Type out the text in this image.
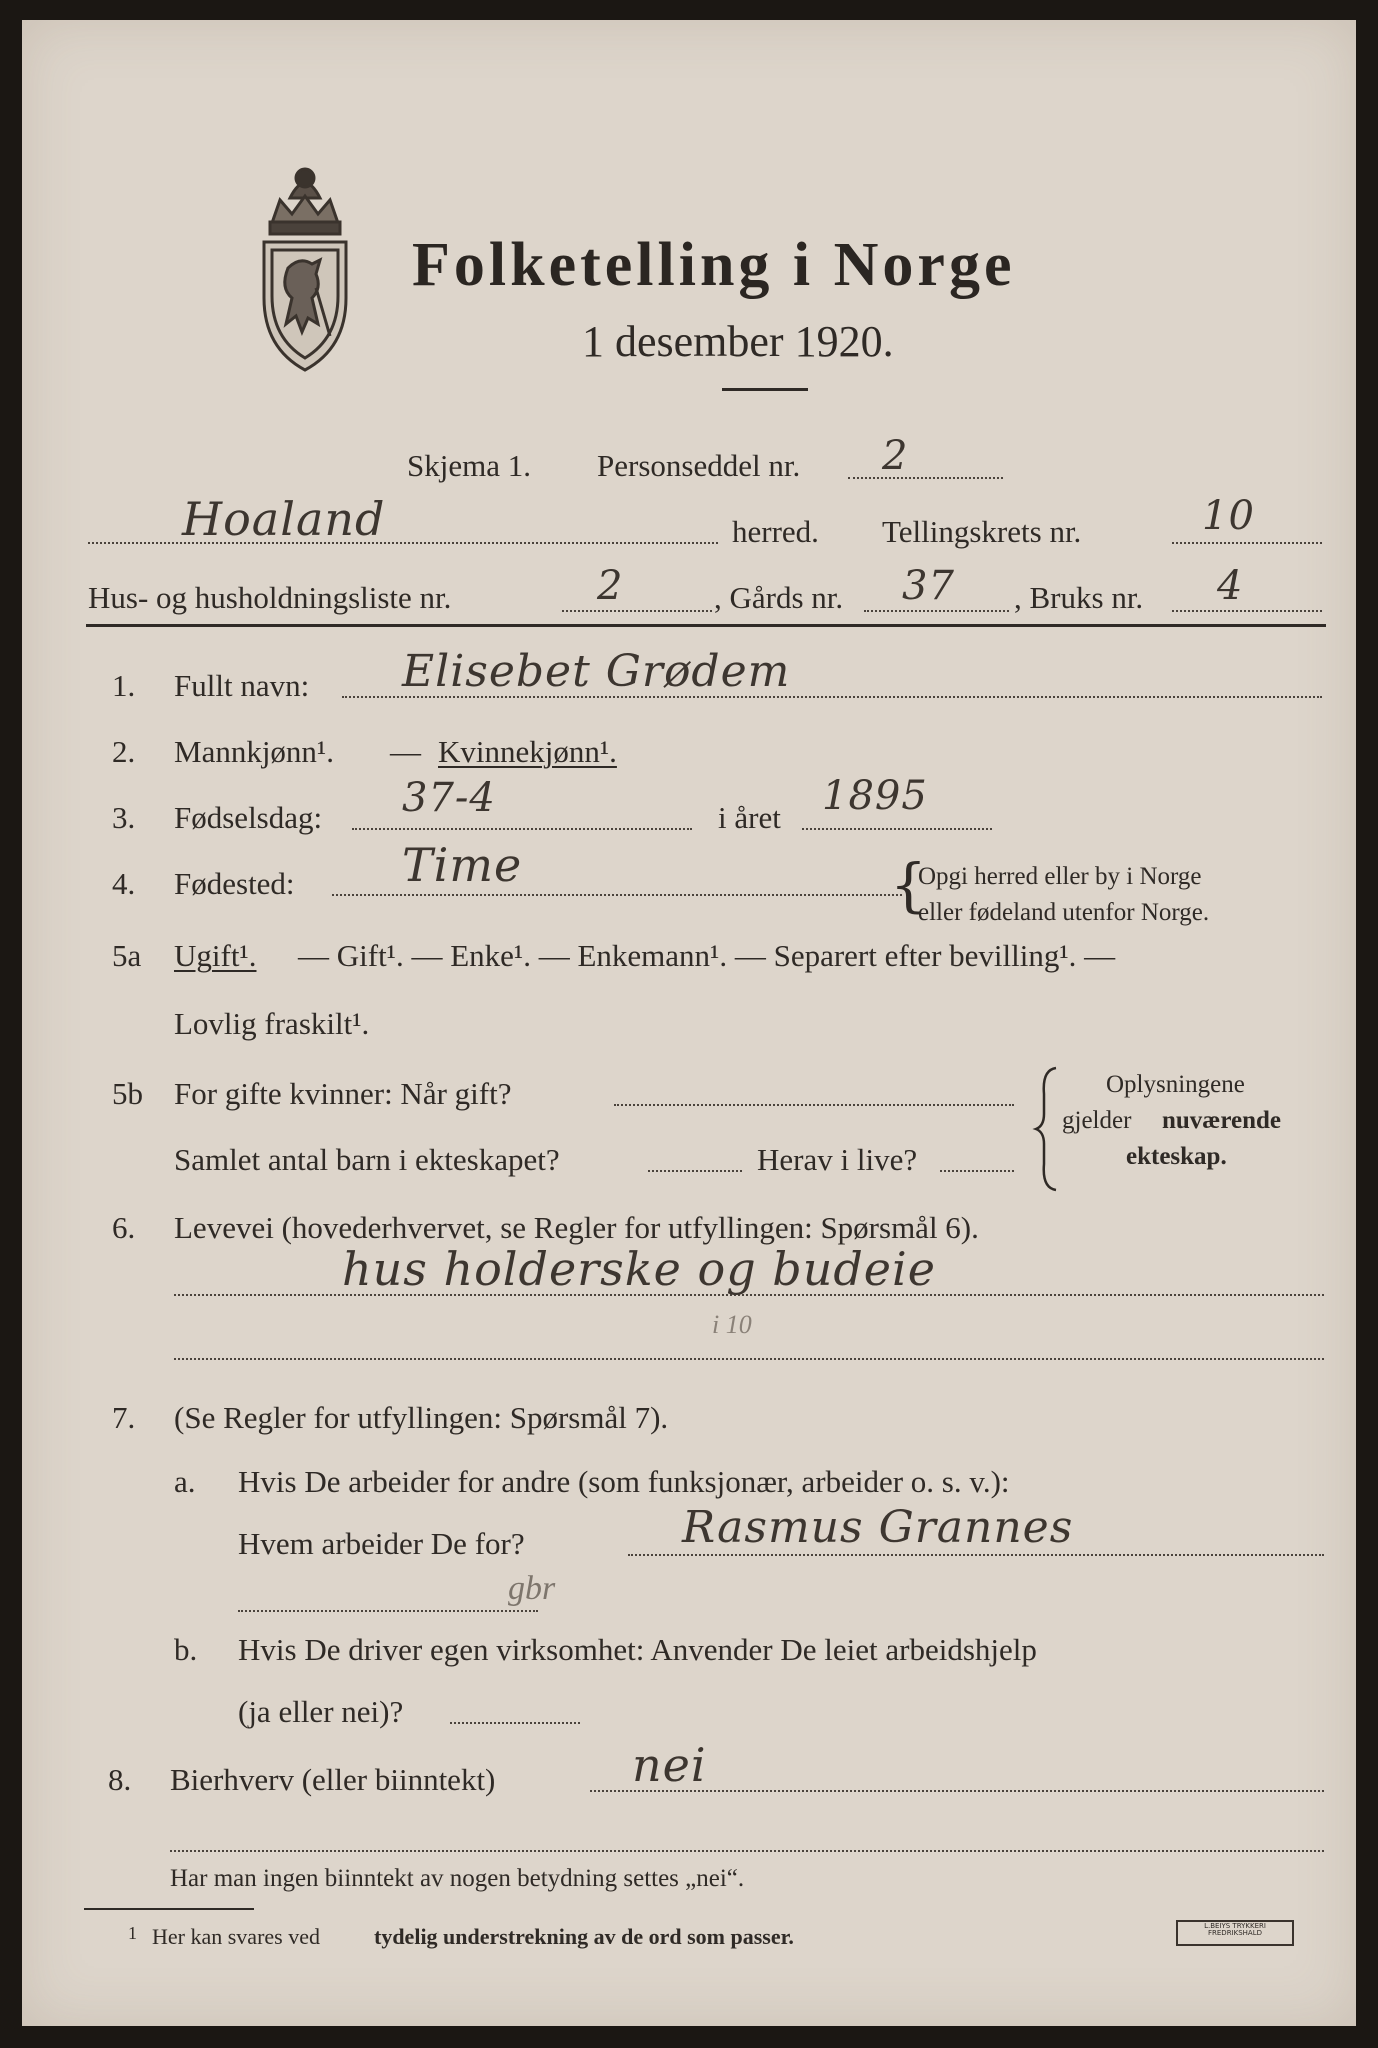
Folketelling i Norge
1 desember 1920.
Skjema 1. Personseddel nr. 2
Hoaland	herred. Tellingskrets nr.	10
Hus- og husholdningsliste nr.	2	, Gårds nr. 37 , Bruks nr. 4
1. Fullt navn: Elisebet Grødem
2. Mannkjønn¹. — Kvinnekjønn¹.
3. Fødselsdag: 37-4	i året 1895
4. Fødested: Time	{
Opgi herred eller by i Norge
eller fødeland utenfor Norge.
5a Ugift¹. — Gift¹. — Enke¹. — Enkemann¹. — Separert efter bevilling¹. —
Lovlig fraskilt¹.
5b For gifte kvinner: Når gift?
Samlet antal barn i ekteskapet?	Herav i live?
Oplysningene
gjelder nuværende
ekteskap.
6. Levevei (hovederhvervet, se Regler for utfyllingen: Spørsmål 6).
hus holderske og budeie
i 10
7. (Se Regler for utfyllingen: Spørsmål 7).
a. Hvis De arbeider for andre (som funksjonær, arbeider o. s. v.):
Hvem arbeider De for?	Rasmus Grannes
gbr
b. Hvis De driver egen virksomhet: Anvender De leiet arbeidshjelp
(ja eller nei)?
8. Bierhverv (eller biinntekt)	nei
Har man ingen biinntekt av nogen betydning settes „nei“.
1 Her kan svares ved tydelig understrekning av de ord som passer.	L.BEIYS TRYKKERI
FREDRIKSHALD
